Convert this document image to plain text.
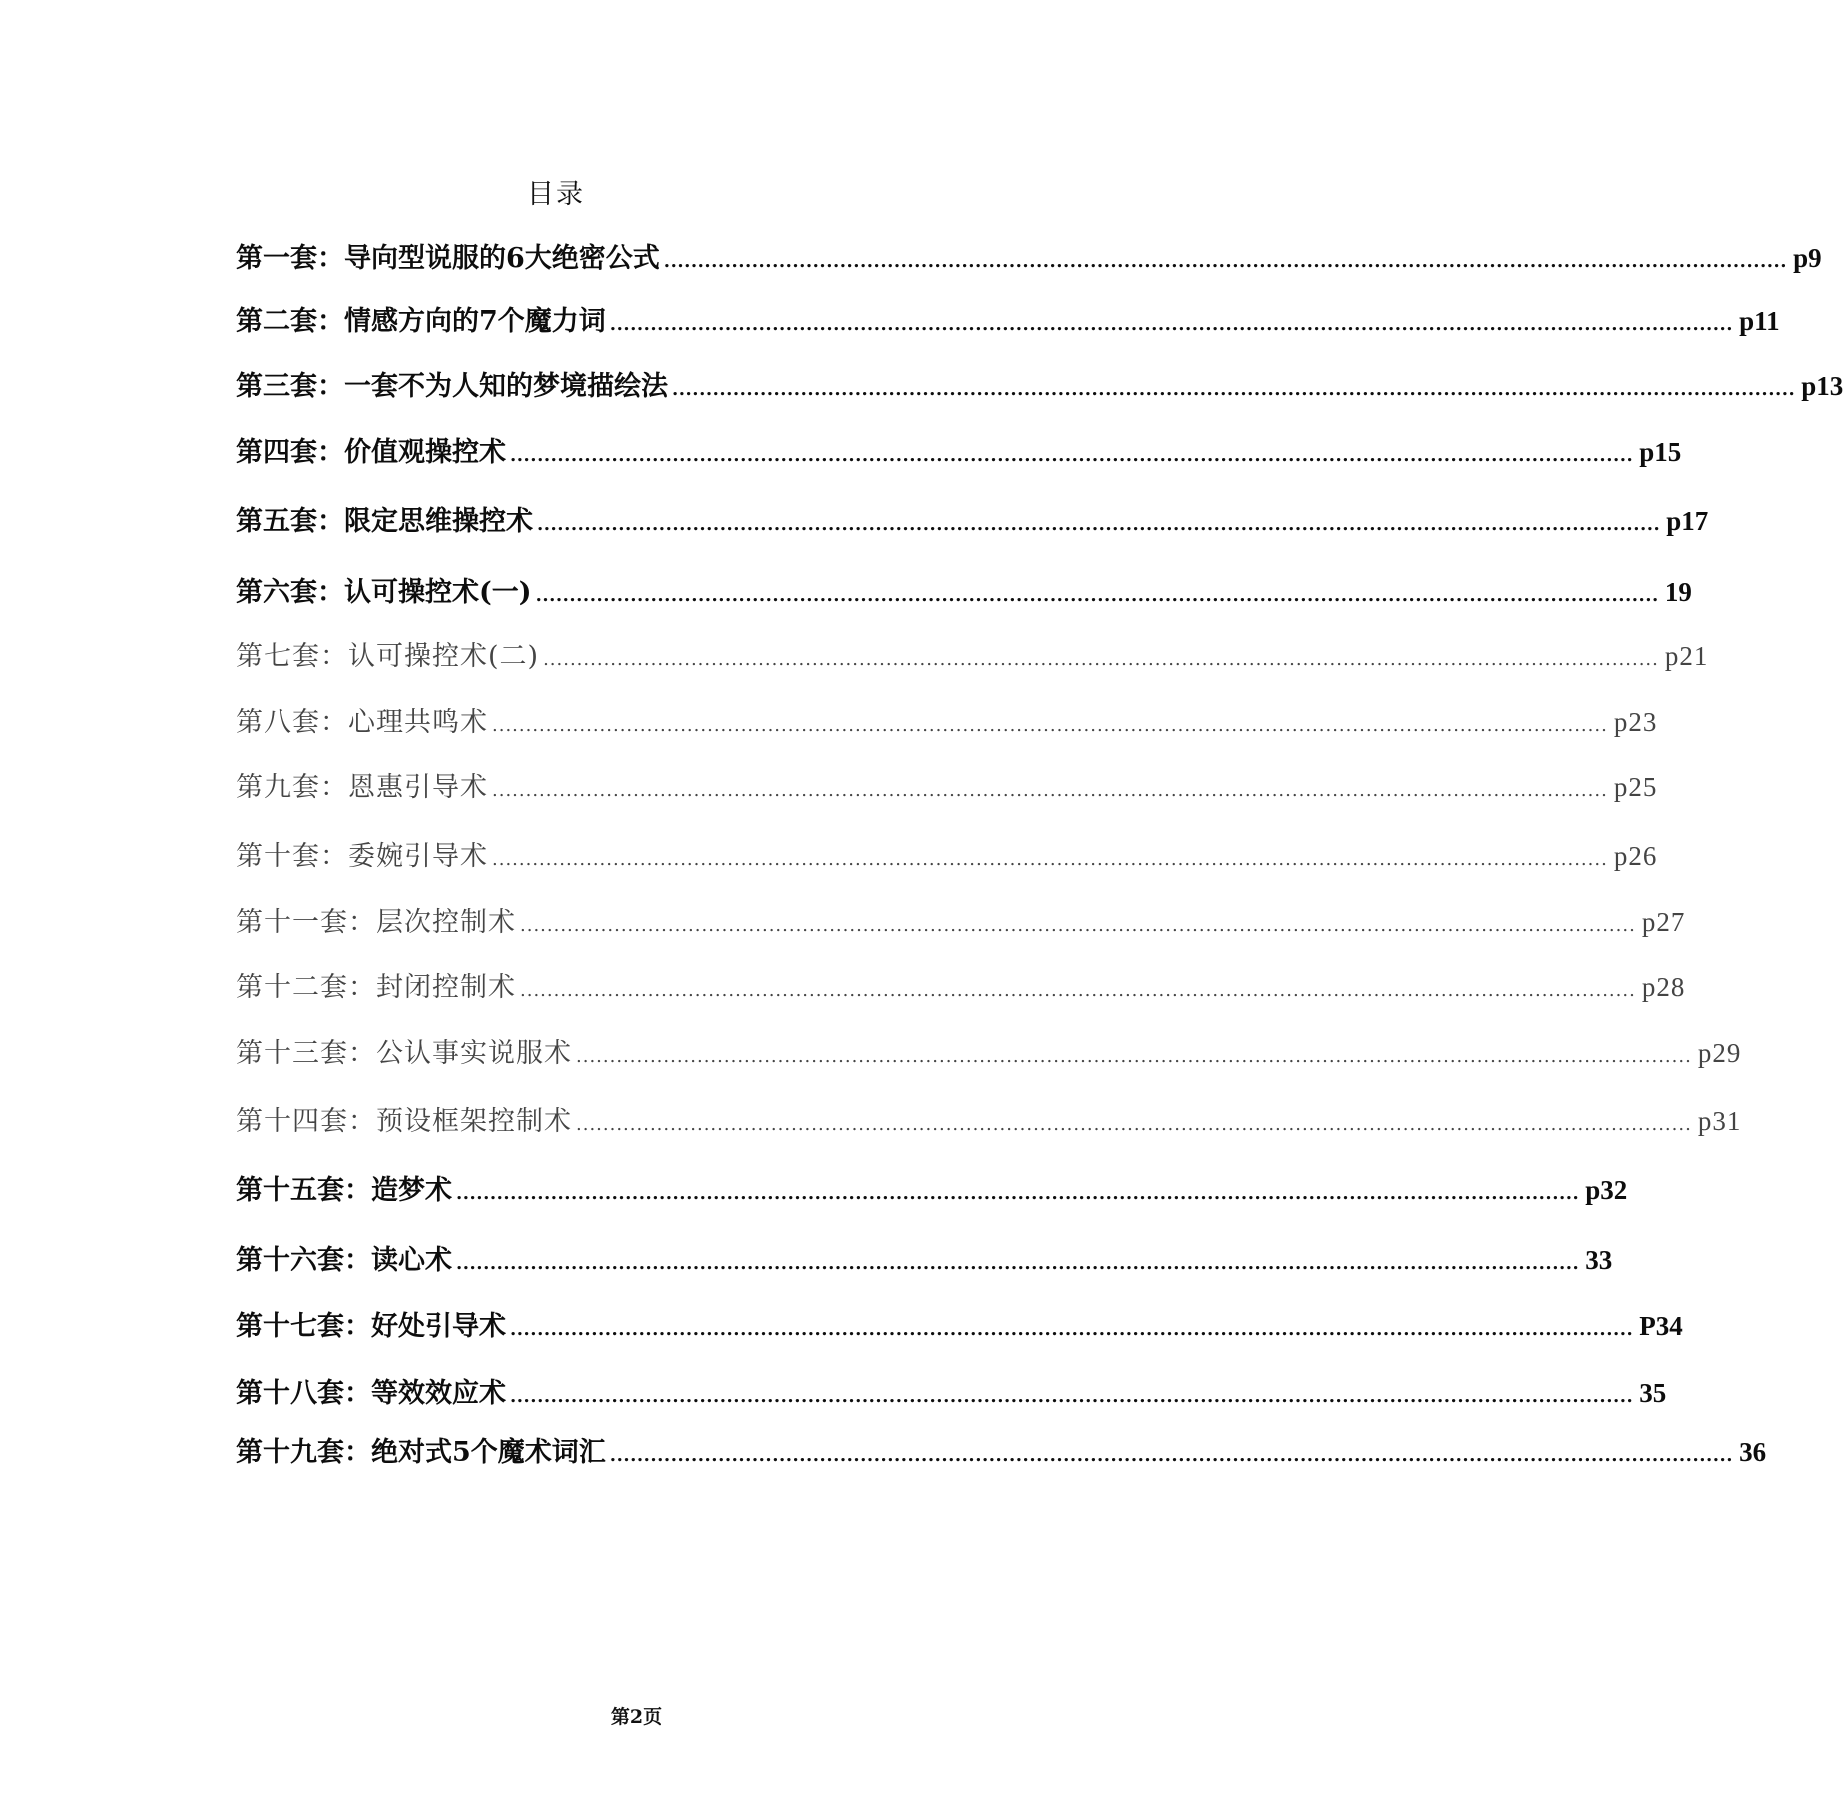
目录
第一套：导向型说服的6大绝密公式 ...................................................................................................................................................................... p9
第二套：情感方向的7个魔力词 ...................................................................................................................................................................... p11
第三套：一套不为人知的梦境描绘法 ...................................................................................................................................................................... p13
第四套：价值观操控术 ...................................................................................................................................................................... p15
第五套：限定思维操控术 ...................................................................................................................................................................... p17
第六套：认可操控术(一) ...................................................................................................................................................................... 19
第七套：认可操控术(二) ...................................................................................................................................................................... p21
第八套：心理共鸣术 ...................................................................................................................................................................... p23
第九套：恩惠引导术 ...................................................................................................................................................................... p25
第十套：委婉引导术 ...................................................................................................................................................................... p26
第十一套：层次控制术 ...................................................................................................................................................................... p27
第十二套：封闭控制术 ...................................................................................................................................................................... p28
第十三套：公认事实说服术 ...................................................................................................................................................................... p29
第十四套：预设框架控制术 ...................................................................................................................................................................... p31
第十五套：造梦术 ...................................................................................................................................................................... p32
第十六套：读心术 ...................................................................................................................................................................... 33
第十七套：好处引导术 ...................................................................................................................................................................... P34
第十八套：等效效应术 ...................................................................................................................................................................... 35
第十九套：绝对式5个魔术词汇 ...................................................................................................................................................................... 36
第2页
